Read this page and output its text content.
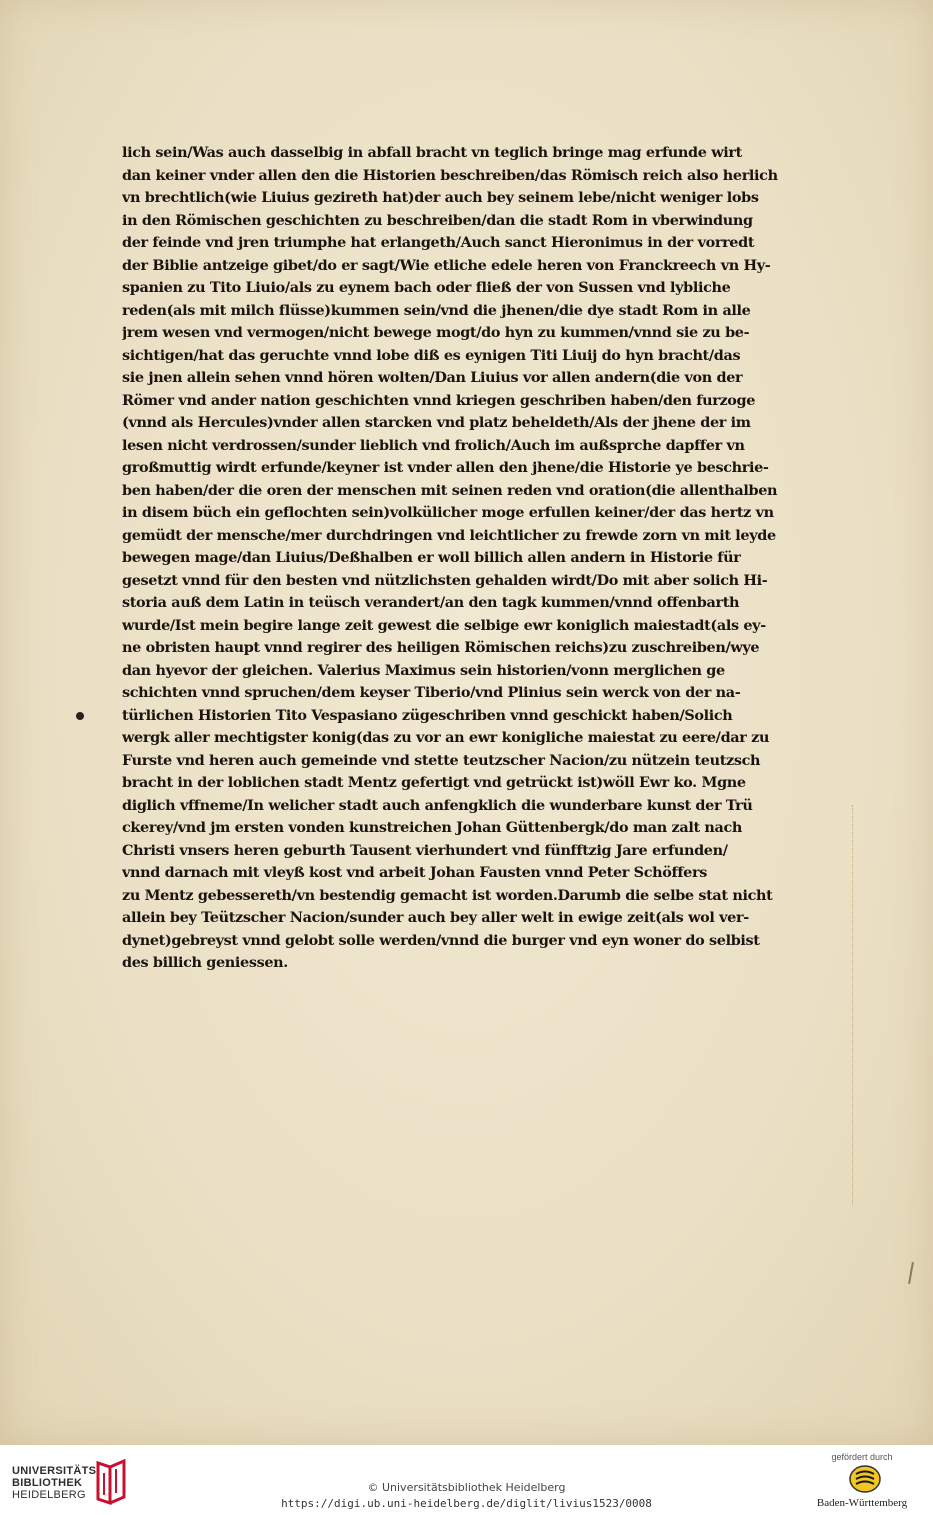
lich sein/Was auch dasselbig in abfall bracht vn teglich bringe mag erfunde wirt
dan keiner vnder allen den die Historien beschreiben/das Römisch reich also herlich
vn brechtlich(wie Liuius gezireth hat)der auch bey seinem lebe/nicht weniger lobs
in den Römischen geschichten zu beschreiben/dan die stadt Rom in vberwindung
der feinde vnd jren triumphe hat erlangeth/Auch sanct Hieronimus in der vorredt
der Biblie antzeige gibet/do er sagt/Wie etliche edele heren von Franckreech vn Hy-
spanien zu Tito Liuio/als zu eynem bach oder fließ der von Sussen vnd lybliche
reden(als mit milch flüsse)kummen sein/vnd die jhenen/die dye stadt Rom in alle
jrem wesen vnd vermogen/nicht bewege mogt/do hyn zu kummen/vnnd sie zu be-
sichtigen/hat das geruchte vnnd lobe diß es eynigen Titi Liuij do hyn bracht/das
sie jnen allein sehen vnnd hören wolten/Dan Liuius vor allen andern(die von der
Römer vnd ander nation geschichten vnnd kriegen geschriben haben/den furzoge
(vnnd als Hercules)vnder allen starcken vnd platz beheldeth/Als der jhene der im
lesen nicht verdrossen/sunder lieblich vnd frolich/Auch im außsprche dapffer vn
großmuttig wirdt erfunde/keyner ist vnder allen den jhene/die Historie ye beschrie-
ben haben/der die oren der menschen mit seinen reden vnd oration(die allenthalben
in disem büch ein geflochten sein)volkülicher moge erfullen keiner/der das hertz vn
gemüdt der mensche/mer durchdringen vnd leichtlicher zu frewde zorn vn mit leyde
bewegen mage/dan Liuius/Deßhalben er woll billich allen andern in Historie für
gesetzt vnnd für den besten vnd nützlichsten gehalden wirdt/Do mit aber solich Hi-
storia auß dem Latin in teüsch verandert/an den tagk kummen/vnnd offenbarth
wurde/Ist mein begire lange zeit gewest die selbige ewr koniglich maiestadt(als ey-
ne obristen haupt vnnd regirer des heiligen Römischen reichs)zu zuschreiben/wye
dan hyevor der gleichen. Valerius Maximus sein historien/vonn merglichen ge
schichten vnnd spruchen/dem keyser Tiberio/vnd Plinius sein werck von der na-
türlichen Historien Tito Vespasiano zügeschriben vnnd geschickt haben/Solich
wergk aller mechtigster konig(das zu vor an ewr konigliche maiestat zu eere/dar zu
Furste vnd heren auch gemeinde vnd stette teutzscher Nacion/zu nützein teutzsch
bracht in der loblichen stadt Mentz gefertigt vnd getrückt ist)wöll Ewr ko. Mgne
diglich vffneme/In welicher stadt auch anfengklich die wunderbare kunst der Trü
ckerey/vnd jm ersten vonden kunstreichen Johan Güttenbergk/do man zalt nach
Christi vnsers heren geburth Tausent vierhundert vnd fünfftzig Jare erfunden/
vnnd darnach mit vleyß kost vnd arbeit Johan Fausten vnnd Peter Schöffers
zu Mentz gebessereth/vn bestendig gemacht ist worden.Darumb die selbe stat nicht
allein bey Teützscher Nacion/sunder auch bey aller welt in ewige zeit(als wol ver-
dynet)gebreyst vnnd gelobt solle werden/vnnd die burger vnd eyn woner do selbist
des billich geniessen.
UNIVERSITÄTS-
BIBLIOTHEK
HEIDELBERG
© Universitätsbibliothek Heidelberg
https://digi.ub.uni-heidelberg.de/diglit/livius1523/0008
gefördert durch
Baden-Württemberg
